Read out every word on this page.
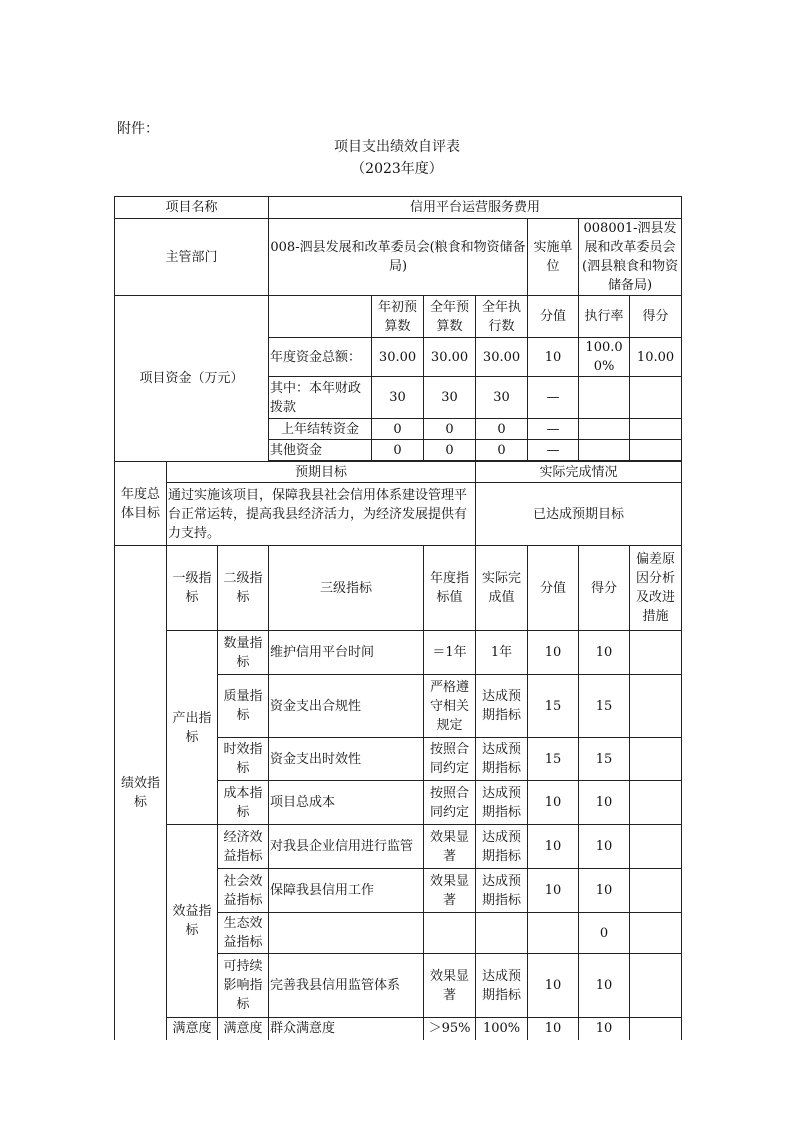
附件：
项目支出绩效自评表
（2023年度）
项目名称			信用平台运营服务费用						
主管部门			008-泗县发展和改革委员会(粮食和物资储备局)				实施单位	008001-泗县发展和改革委员会(泗县粮食和物资储备局)	
项目资金（万元）				年初预算数	全年预算数	全年执行数	分值	执行率	得分
			年度资金总额：	30.00	30.00	30.00	10	100.00%	10.00
			其中：本年财政拨款	30	30	30	—		
			上年结转资金	0	0	0	—		
			其他资金	0	0	0	—		

年度总体目标	预期目标					实际完成情况			
	通过实施该项目，保障我县社会信用体系建设管理平台正常运转，提高我县经济活力，为经济发展提供有力支持。					已达成预期目标			
绩效指标	一级指标	二级指标	三级指标		年度指标值	实际完成值	分值	得分	偏差原因分析及改进措施
	产出指标	数量指标	维护信用平台时间		＝1年	1年	10	10	
		质量指标	资金支出合规性		严格遵守相关规定	达成预期指标	15	15	
		时效指标	资金支出时效性		按照合同约定	达成预期指标	15	15	
		成本指标	项目总成本		按照合同约定	达成预期指标	10	10	
	效益指标	经济效益指标	对我县企业信用进行监管		效果显著	达成预期指标	10	10	
		社会效益指标	保障我县信用工作		效果显著	达成预期指标	10	10	
		生态效益指标						0	
		可持续影响指标	完善我县信用监管体系		效果显著	达成预期指标	10	10	
	满意度	满意度	群众满意度		＞95%	100%	10	10	
